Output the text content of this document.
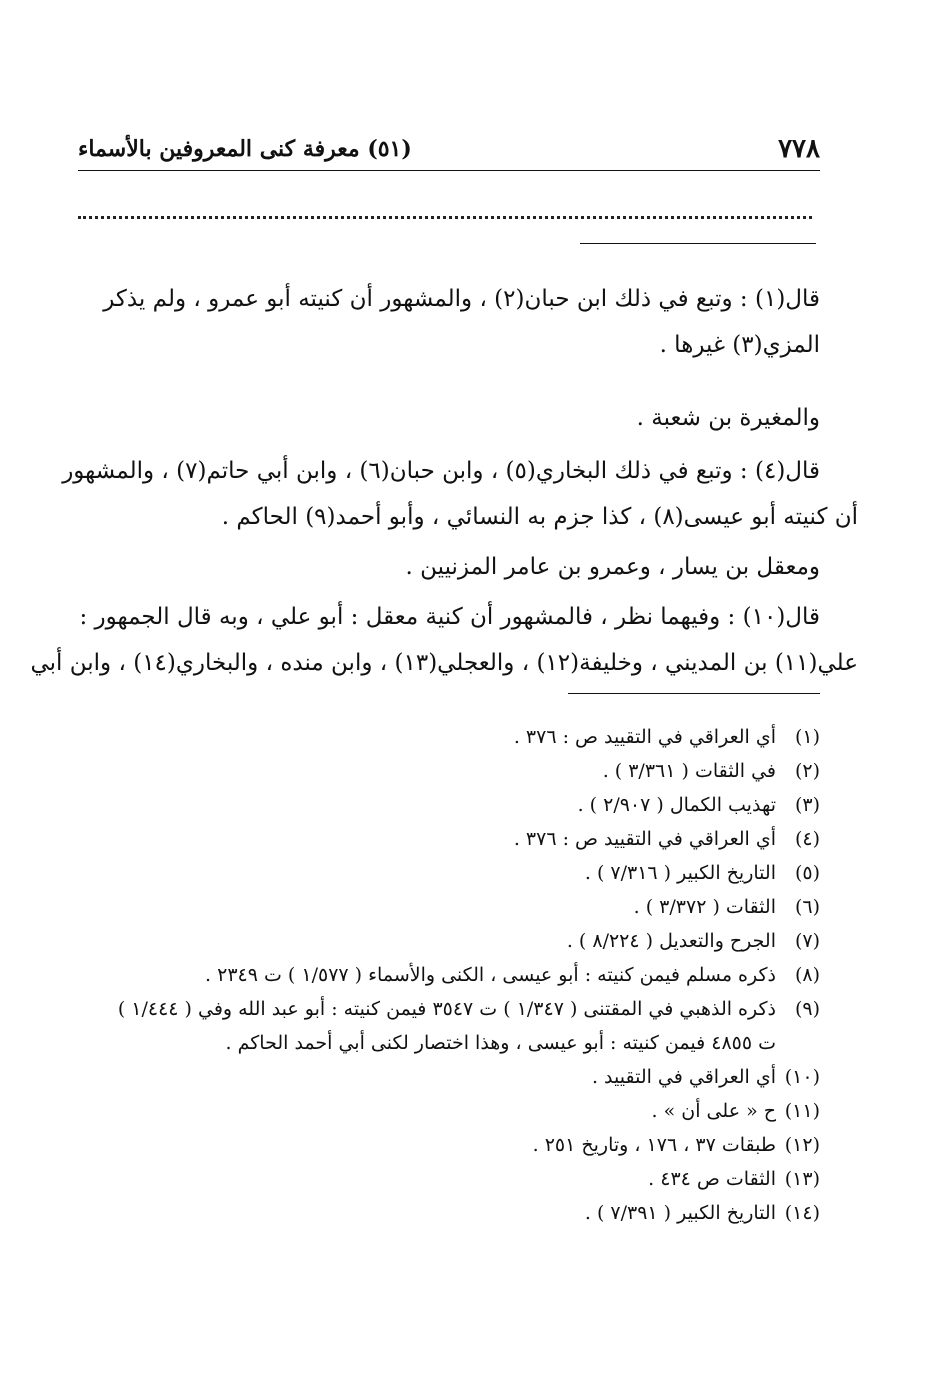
٧٧٨
(٥١) معرفة كنى المعروفين بالأسماء

قال(١) : وتبع في ذلك ابن حبان(٢) ، والمشهور أن كنيته أبو عمرو ، ولم يذكر
المزي(٣) غيرها .

والمغيرة بن شعبة .

قال(٤) : وتبع في ذلك البخاري(٥) ، وابن حبان(٦) ، وابن أبي حاتم(٧) ، والمشهور
أن كنيته أبو عيسى(٨) ، كذا جزم به النسائي ، وأبو أحمد(٩) الحاكم .

ومعقل بن يسار ، وعمرو بن عامر المزنيين .

قال(١٠) : وفيهما نظر ، فالمشهور أن كنية معقل : أبو علي ، وبه قال الجمهور :
علي(١١) بن المديني ، وخليفة(١٢) ، والعجلي(١٣) ، وابن منده ، والبخاري(١٤) ، وابن أبي

(١)
أي العراقي في التقييد ص : ٣٧٦ .
(٢)
في الثقات ( ٣/٣٦١ ) .
(٣)
تهذيب الكمال ( ٢/٩٠٧ ) .
(٤)
أي العراقي في التقييد ص : ٣٧٦ .
(٥)
التاريخ الكبير ( ٧/٣١٦ ) .
(٦)
الثقات ( ٣/٣٧٢ ) .
(٧)
الجرح والتعديل ( ٨/٢٢٤ ) .
(٨)
ذكره مسلم فيمن كنيته : أبو عيسى ، الكنى والأسماء ( ١/٥٧٧ ) ت ٢٣٤٩ .
(٩)
ذكره الذهبي في المقتنى ( ١/٣٤٧ ) ت ٣٥٤٧ فيمن كنيته : أبو عبد الله وفي ( ١/٤٤٤ )
ت ٤٨٥٥ فيمن كنيته : أبو عيسى ، وهذا اختصار لكنى أبي أحمد الحاكم .
(١٠)
أي العراقي في التقييد .
(١١)
ح « على أن » .
(١٢)
طبقات ٣٧ ، ١٧٦ ، وتاريخ ٢٥١ .
(١٣)
الثقات ص ٤٣٤ .
(١٤)
التاريخ الكبير ( ٧/٣٩١ ) .
